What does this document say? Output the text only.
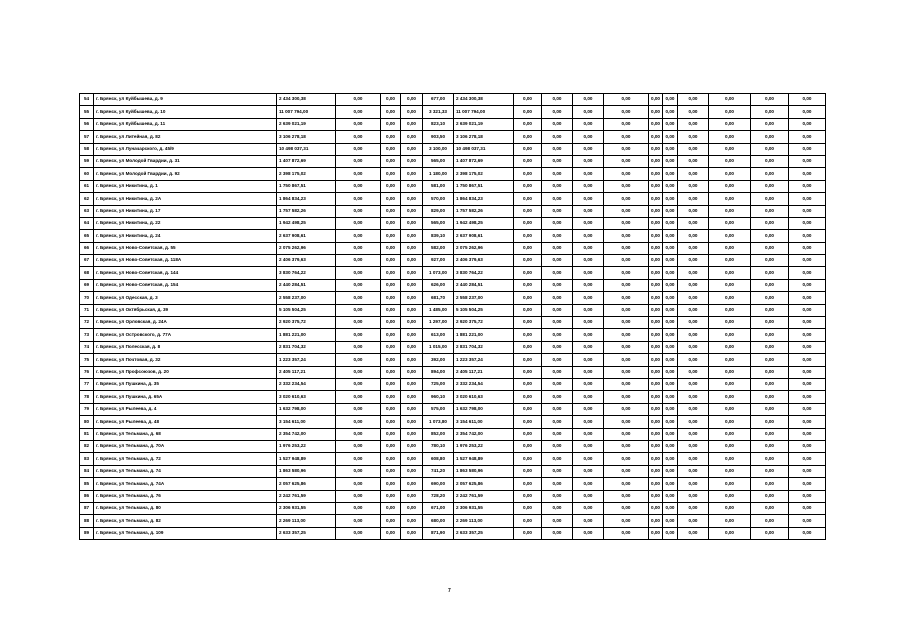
54	г. Брянск, ул Куйбышева, д. 9	2 434 300,38	0,00	0,00	0,00	677,00	2 434 300,38	0,00	0,00	0,00	0,00	0,00	0,00	0,00	0,00	0,00	0,00
55	г. Брянск, ул Куйбышева, д. 10	11 007 794,00	0,00	0,00	0,00	3 321,33	11 007 794,00	0,00	0,00	0,00	0,00	0,00	0,00	0,00	0,00	0,00	0,00
56	г. Брянск, ул Куйбышева, д. 11	2 639 021,19	0,00	0,00	0,00	823,10	2 639 021,19	0,00	0,00	0,00	0,00	0,00	0,00	0,00	0,00	0,00	0,00
57	г. Брянск, ул Литейная, д. 82	3 106 278,18	0,00	0,00	0,00	903,50	3 106 278,18	0,00	0,00	0,00	0,00	0,00	0,00	0,00	0,00	0,00	0,00
58	г. Брянск, ул Луначарского, д. 45/9	10 498 037,31	0,00	0,00	0,00	3 100,00	10 498 037,31	0,00	0,00	0,00	0,00	0,00	0,00	0,00	0,00	0,00	0,00
59	г. Брянск, ул Молодой Гвардии, д. 31	1 407 872,69	0,00	0,00	0,00	565,00	1 407 872,69	0,00	0,00	0,00	0,00	0,00	0,00	0,00	0,00	0,00	0,00
60	г. Брянск, ул Молодой Гвардии, д. 92	2 398 175,02	0,00	0,00	0,00	1 180,00	2 398 175,02	0,00	0,00	0,00	0,00	0,00	0,00	0,00	0,00	0,00	0,00
61	г. Брянск, ул Никитина, д. 1	1 750 867,51	0,00	0,00	0,00	581,00	1 750 867,51	0,00	0,00	0,00	0,00	0,00	0,00	0,00	0,00	0,00	0,00
62	г. Брянск, ул Никитина, д. 2А	1 864 834,23	0,00	0,00	0,00	570,00	1 864 834,23	0,00	0,00	0,00	0,00	0,00	0,00	0,00	0,00	0,00	0,00
63	г. Брянск, ул Никитина, д. 17	1 757 582,26	0,00	0,00	0,00	829,00	1 757 582,26	0,00	0,00	0,00	0,00	0,00	0,00	0,00	0,00	0,00	0,00
64	г. Брянск, ул Никитина, д. 22	1 942 498,25	0,00	0,00	0,00	565,00	1 942 498,25	0,00	0,00	0,00	0,00	0,00	0,00	0,00	0,00	0,00	0,00
65	г. Брянск, ул Никитина, д. 24	2 637 908,61	0,00	0,00	0,00	839,10	2 637 908,61	0,00	0,00	0,00	0,00	0,00	0,00	0,00	0,00	0,00	0,00
66	г. Брянск, ул Ново-Советская, д. 55	2 075 262,96	0,00	0,00	0,00	582,00	2 075 262,96	0,00	0,00	0,00	0,00	0,00	0,00	0,00	0,00	0,00	0,00
67	г. Брянск, ул Ново-Советская, д. 118А	2 406 379,63	0,00	0,00	0,00	927,00	2 406 379,63	0,00	0,00	0,00	0,00	0,00	0,00	0,00	0,00	0,00	0,00
68	г. Брянск, ул Ново-Советская, д. 144	3 830 764,22	0,00	0,00	0,00	1 073,00	3 830 764,22	0,00	0,00	0,00	0,00	0,00	0,00	0,00	0,00	0,00	0,00
69	г. Брянск, ул Ново-Советская, д. 154	2 440 284,51	0,00	0,00	0,00	626,00	2 440 284,51	0,00	0,00	0,00	0,00	0,00	0,00	0,00	0,00	0,00	0,00
70	г. Брянск, ул Одесская, д. 3	2 558 237,00	0,00	0,00	0,00	681,70	2 558 237,00	0,00	0,00	0,00	0,00	0,00	0,00	0,00	0,00	0,00	0,00
71	г. Брянск, ул Октябрьская, д. 39	5 105 504,25	0,00	0,00	0,00	1 485,00	5 105 504,25	0,00	0,00	0,00	0,00	0,00	0,00	0,00	0,00	0,00	0,00
72	г. Брянск, ул Орловская, д. 24А	2 920 375,72	0,00	0,00	0,00	1 297,00	2 920 375,72	0,00	0,00	0,00	0,00	0,00	0,00	0,00	0,00	0,00	0,00
73	г. Брянск, ул Островского, д. 77А	1 881 221,00	0,00	0,00	0,00	613,00	1 881 221,00	0,00	0,00	0,00	0,00	0,00	0,00	0,00	0,00	0,00	0,00
74	г. Брянск, ул Полесская, д. 8	2 831 704,32	0,00	0,00	0,00	1 015,00	2 831 704,32	0,00	0,00	0,00	0,00	0,00	0,00	0,00	0,00	0,00	0,00
75	г. Брянск, ул Почтовая, д. 32	1 223 357,24	0,00	0,00	0,00	392,00	1 223 357,24	0,00	0,00	0,00	0,00	0,00	0,00	0,00	0,00	0,00	0,00
76	г. Брянск, ул Профсоюзов, д. 20	2 405 117,21	0,00	0,00	0,00	894,00	2 405 117,21	0,00	0,00	0,00	0,00	0,00	0,00	0,00	0,00	0,00	0,00
77	г. Брянск, ул Пушкина, д. 35	2 332 234,54	0,00	0,00	0,00	725,00	2 332 234,54	0,00	0,00	0,00	0,00	0,00	0,00	0,00	0,00	0,00	0,00
78	г. Брянск, ул Пушкина, д. 65А	3 020 610,63	0,00	0,00	0,00	960,10	3 020 610,63	0,00	0,00	0,00	0,00	0,00	0,00	0,00	0,00	0,00	0,00
79	г. Брянск, ул Рылеева, д. 4	1 632 798,00	0,00	0,00	0,00	575,00	1 632 798,00	0,00	0,00	0,00	0,00	0,00	0,00	0,00	0,00	0,00	0,00
80	г. Брянск, ул Рылеева, д. 48	3 154 611,00	0,00	0,00	0,00	1 073,80	3 154 611,00	0,00	0,00	0,00	0,00	0,00	0,00	0,00	0,00	0,00	0,00
81	г. Брянск, ул Тельмана, д. 68	2 354 742,00	0,00	0,00	0,00	852,00	2 354 742,00	0,00	0,00	0,00	0,00	0,00	0,00	0,00	0,00	0,00	0,00
82	г. Брянск, ул Тельмана, д. 70А	1 976 253,22	0,00	0,00	0,00	780,10	1 976 253,22	0,00	0,00	0,00	0,00	0,00	0,00	0,00	0,00	0,00	0,00
83	г. Брянск, ул Тельмана, д. 72	1 527 948,89	0,00	0,00	0,00	608,80	1 527 948,89	0,00	0,00	0,00	0,00	0,00	0,00	0,00	0,00	0,00	0,00
84	г. Брянск, ул Тельмана, д. 74	1 863 580,96	0,00	0,00	0,00	741,20	1 863 580,96	0,00	0,00	0,00	0,00	0,00	0,00	0,00	0,00	0,00	0,00
85	г. Брянск, ул Тельмана, д. 74А	2 057 625,86	0,00	0,00	0,00	690,00	2 057 625,86	0,00	0,00	0,00	0,00	0,00	0,00	0,00	0,00	0,00	0,00
86	г. Брянск, ул Тельмана, д. 76	2 242 761,59	0,00	0,00	0,00	728,20	2 242 761,59	0,00	0,00	0,00	0,00	0,00	0,00	0,00	0,00	0,00	0,00
87	г. Брянск, ул Тельмана, д. 80	2 306 931,55	0,00	0,00	0,00	671,00	2 306 931,55	0,00	0,00	0,00	0,00	0,00	0,00	0,00	0,00	0,00	0,00
88	г. Брянск, ул Тельмана, д. 82	2 269 113,00	0,00	0,00	0,00	680,00	2 269 113,00	0,00	0,00	0,00	0,00	0,00	0,00	0,00	0,00	0,00	0,00
89	г. Брянск, ул Тельмана, д. 109	2 633 357,25	0,00	0,00	0,00	871,90	2 633 357,25	0,00	0,00	0,00	0,00	0,00	0,00	0,00	0,00	0,00	0,00
7
